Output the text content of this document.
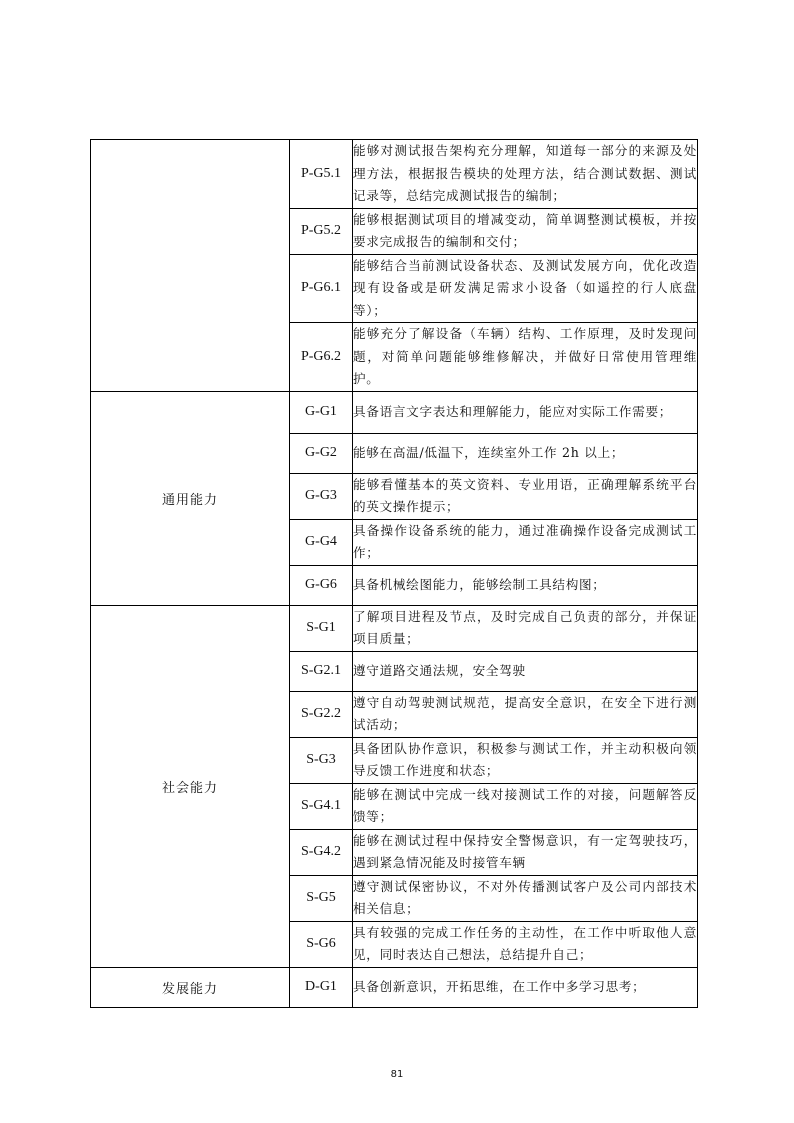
	P-G5.1	能够对测试报告架构充分理解，知道每一部分的来源及处理方法，根据报告模块的处理方法，结合测试数据、测试记录等，总结完成测试报告的编制；
	P-G5.2	能够根据测试项目的增减变动，简单调整测试模板，并按要求完成报告的编制和交付；
	P-G6.1	能够结合当前测试设备状态、及测试发展方向，优化改造现有设备或是研发满足需求小设备（如遥控的行人底盘等）；
	P-G6.2	能够充分了解设备（车辆）结构、工作原理，及时发现问题，对简单问题能够维修解决，并做好日常使用管理维护。
通用能力	G-G1	具备语言文字表达和理解能力，能应对实际工作需要；
	G-G2	能够在高温/低温下，连续室外工作 2h 以上；
	G-G3	能够看懂基本的英文资料、专业用语，正确理解系统平台的英文操作提示；
	G-G4	具备操作设备系统的能力，通过准确操作设备完成测试工作；
	G-G6	具备机械绘图能力，能够绘制工具结构图；
社会能力	S-G1	了解项目进程及节点，及时完成自己负责的部分，并保证项目质量；
	S-G2.1	遵守道路交通法规，安全驾驶
	S-G2.2	遵守自动驾驶测试规范，提高安全意识，在安全下进行测试活动；
	S-G3	具备团队协作意识，积极参与测试工作，并主动积极向领导反馈工作进度和状态；
	S-G4.1	能够在测试中完成一线对接测试工作的对接，问题解答反馈等；
	S-G4.2	能够在测试过程中保持安全警惕意识，有一定驾驶技巧，遇到紧急情况能及时接管车辆
	S-G5	遵守测试保密协议，不对外传播测试客户及公司内部技术相关信息；
	S-G6	具有较强的完成工作任务的主动性，在工作中听取他人意见，同时表达自己想法，总结提升自己；
发展能力	D-G1	具备创新意识，开拓思维，在工作中多学习思考；
81
